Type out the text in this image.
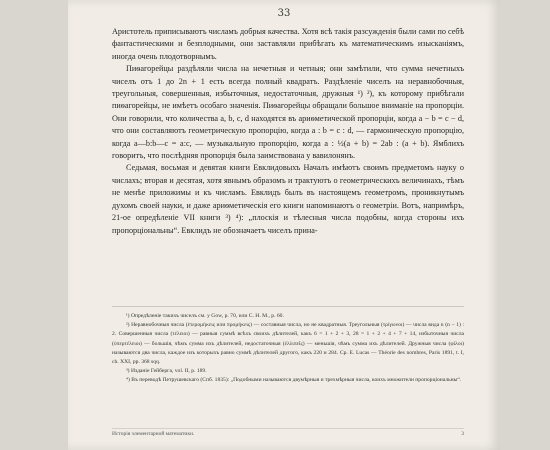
33

Аристотель приписываютъ числамъ добрыя качества. Хотя всѣ такія разсужденія были сами по себѣ фантастическими и безплодными, они заставляли прибѣгать къ математическимъ изысканіямъ, иногда очень плодотворнымъ.

Пиѳагорейцы раздѣляли числа на нечетныя и четныя; они замѣтили, что сумма нечетныхъ чиселъ отъ 1 до 2n + 1 есть всегда полный квадратъ. Раздѣленіе чиселъ на неравнобочныя, треугольныя, совершенныя, избыточныя, недостаточныя, дружныя ¹) ²), къ которому прибѣгали пиѳагорейцы, не имѣетъ особаго значенія. Пиѳагорейцы обращали большое вниманіе на пропорціи. Они говорили, что количества a, b, c, d находятся въ ариѳметической пропорціи, когда a − b = c − d, что они составляютъ геометрическую пропорцію, когда a : b = c : d, — гармоническую пропорцію, когда a—b:b—c = a:c, — музыкальную пропорцію, когда a : ½(a + b) = 2ab : (a + b). Ямблихъ говоритъ, что послѣдняя пропорція была заимствована у вавилонянъ.

Седьмая, восьмая и девятая книги Евклидовыхъ Началъ имѣютъ своимъ предметомъ науку о числахъ; вторая и десятая, хотя явнымъ образомъ и трактуютъ о геометрическихъ величинахъ, тѣмъ не менѣе приложимы и къ числамъ. Евклидъ былъ въ настоящемъ геометромъ, проникнутымъ духомъ своей науки, и даже ариѳметическія его книги напоминаютъ о геометріи. Вотъ, напримѣръ, 21-ое опредѣленіе VII книги ³) ⁴): „плоскія и тѣлесныя числа подобны, когда стороны ихъ пропорціональны“. Евклидъ не обозначаетъ чиселъ прина-

¹) Опредѣленіе такихъ чиселъ см. у Gow, p. 70, или C. H. M., p. 60.

²) Неравнобочныя числа (ἑτερομήκεις или προμήκεις) — составныя числа, но не квадратныя. Треугольныя (τρίγωνοι) — числа вида n (n − 1) : 2. Совершенныя числа (τέλειοι) — равныя суммѣ всѣхъ своихъ дѣлителей, какъ 6 = 1 + 2 + 3, 28 = 1 + 2 + 4 + 7 + 14, избыточныя числа (ὑπερτέλειοι) — большія, чѣмъ сумма ихъ дѣлителей, недостаточныя (ἐλλιπεῖς) — меньшія, чѣмъ сумма ихъ дѣлителей. Дружныя числа (φίλοι) называются два числа, каждое изъ которыхъ равно суммѣ дѣлителей другого, какъ 220 и 284. Ср. E. Lucas — Théorie des nombres, Paris 1891, t. I, ch. XXI, pp. 368 sqq.

³) Изданіе Гейберга, vol. II, p. 189.

⁴) Въ переводѣ Петрушевскаго (Спб. 1835): „Подобными называются двумѣрныя и трехмѣрныя числа, коихъ множители пропорціональны“.

Исторія элементарной математики.	3
